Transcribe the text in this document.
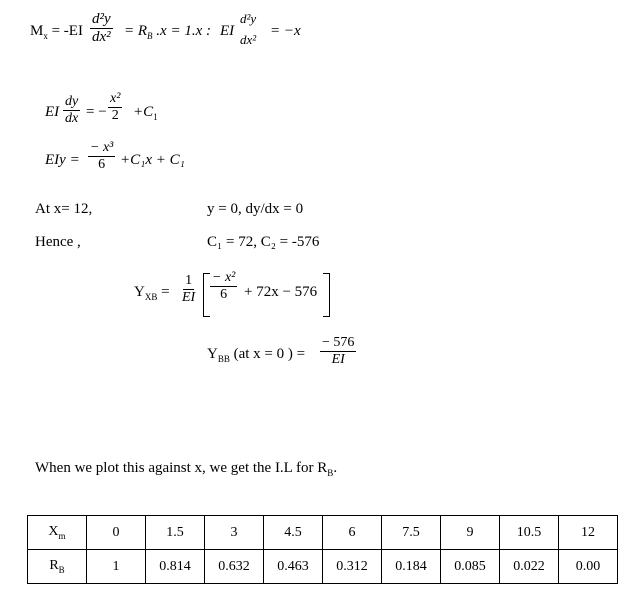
$M_x = -EI \frac{\text{d²y}}{\text{dx²}} = R_B$ .x = 1.x : EI
d²y
dx²
= −x
EI $\frac{dy}{dx}$ = − $\frac{\text{x²}}{2} +C_1$
EIy = $\frac{\text{− x³}}{6} +C_1x + C_1$
At x= 12,	y = 0, dy/dx = 0
Hence ,	C₁ = 72, C₂ = -576
$Y_{XB} = \frac{1}{EI} \frac{\text{− x²}}{6} + 72x - 576$
$Y_{BB}$ (at x = 0 ) = $\frac{- 576}{EI}$
When we plot this against x, we get the I.L for $R_B$.
$X_m$	0	1.5	3	4.5	6	7.5	9	10.5	12
$R_B$	1	0.814	0.632	0.463	0.312	0.184	0.085	0.022	0.00
